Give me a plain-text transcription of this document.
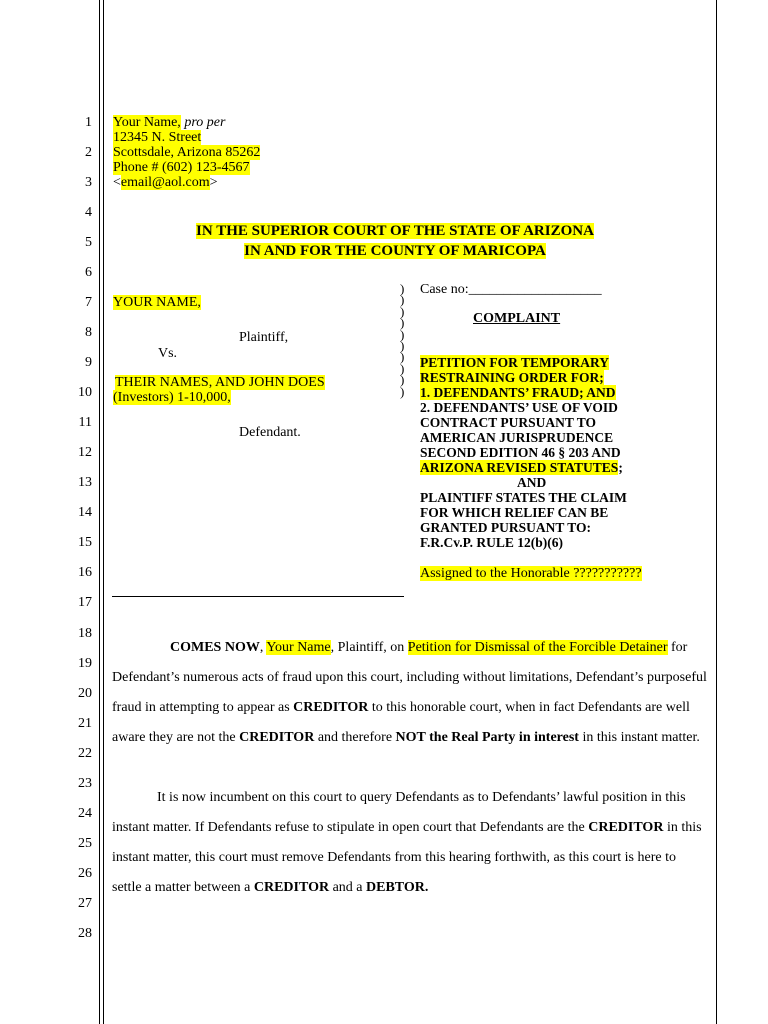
1
2
3
4
5
6
7
8
9
10
11
12
13
14
15
16
17
18
19
20
21
22
23
24
25
26
27
28
Your Name, pro per
12345 N. Street
Scottsdale, Arizona 85262
Phone # (602) 123-4567
<email@aol.com>
IN THE SUPERIOR COURT OF THE STATE OF ARIZONA
IN AND FOR THE COUNTY OF MARICOPA
YOUR NAME,
Plaintiff,
Vs.
THEIR NAMES, AND JOHN DOES
(Investors) 1-10,000,
Defendant.
)
)
)
)
)
)
)
)
)
)
Case no:___________________
COMPLAINT
PETITION FOR TEMPORARY
RESTRAINING ORDER FOR;
1. DEFENDANTS’ FRAUD; AND
2. DEFENDANTS’ USE OF VOID
CONTRACT PURSUANT TO
AMERICAN JURISPRUDENCE
SECOND EDITION 46 § 203 AND
ARIZONA REVISED STATUTES;
AND
PLAINTIFF STATES THE CLAIM
FOR WHICH RELIEF CAN BE
GRANTED PURSUANT TO:
F.R.Cv.P. RULE 12(b)(6)
Assigned to the Honorable ???????????
COMES NOW, Your Name, Plaintiff, on Petition for Dismissal of the Forcible Detainer for Defendant’s numerous acts of fraud upon this court, including without limitations, Defendant’s purposeful fraud in attempting to appear as CREDITOR to this honorable court, when in fact Defendants are well aware they are not the CREDITOR and therefore NOT the Real Party in interest in this instant matter.
It is now incumbent on this court to query Defendants as to Defendants’ lawful position in this instant matter. If Defendants refuse to stipulate in open court that Defendants are the CREDITOR in this instant matter, this court must remove Defendants from this hearing forthwith, as this court is here to settle a matter between a CREDITOR and a DEBTOR.
